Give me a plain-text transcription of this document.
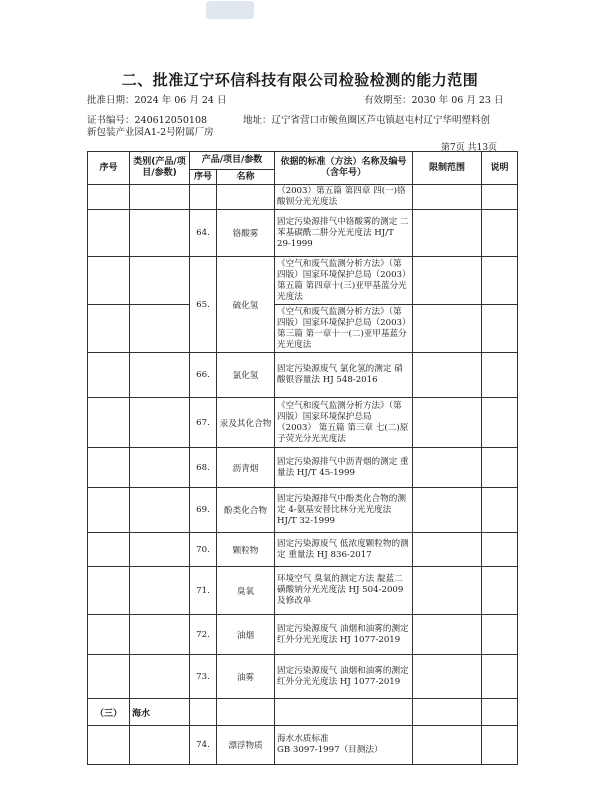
二、批准辽宁环信科技有限公司检验检测的能力范围
批准日期：2024 年 06 月 24 日	有效期至：2030 年 06 月 23 日
证书编号：240612050108	地址：辽宁省营口市鲅鱼圈区芦屯镇赵屯村辽宁华明塑料创
新包装产业园A1-2号附属厂房
第7页 共13页
序号	类别(产品/项目/参数)	产品/项目/参数		依据的标准（方法）名称及编号（含年号）	限制范围	说明
		序号	名称			
				（2003）第五篇 第四章 四(一)铬酸钡分光光度法		
		64.	铬酸雾	固定污染源排气中铬酸雾的测定 二苯基碳酰二肼分光光度法 HJ/T 29-1999		
		65.	硫化氢	《空气和废气监测分析方法》（第四版）国家环境保护总局（2003）第五篇 第四章十(三)亚甲基蓝分光光度法		
				《空气和废气监测分析方法》（第四版）国家环境保护总局（2003）第三篇 第一章十一(二)亚甲基蓝分光光度法		
		66.	氯化氢	固定污染源废气 氯化氢的测定 硝酸银容量法 HJ 548-2016		
		67.	汞及其化合物	《空气和废气监测分析方法》（第四版）国家环境保护总局（2003） 第五篇 第三章 七(二)原子荧光分光光度法		
		68.	沥青烟	固定污染源排气中沥青烟的测定 重量法 HJ/T 45-1999		
		69.	酚类化合物	固定污染源排气中酚类化合物的测定 4-氨基安替比林分光光度法 HJ/T 32-1999		
		70.	颗粒物	固定污染源废气 低浓度颗粒物的测定 重量法 HJ 836-2017		
		71.	臭氧	环境空气 臭氧的测定方法 靛蓝二磺酸钠分光光度法 HJ 504-2009 及修改单		
		72.	油烟	固定污染源废气 油烟和油雾的测定 红外分光光度法 HJ 1077-2019		
		73.	油雾	固定污染源废气 油烟和油雾的测定 红外分光光度法 HJ 1077-2019		
（三）	海水					
		74.	漂浮物质	海水水质标准
GB 3097-1997（目测法）		
